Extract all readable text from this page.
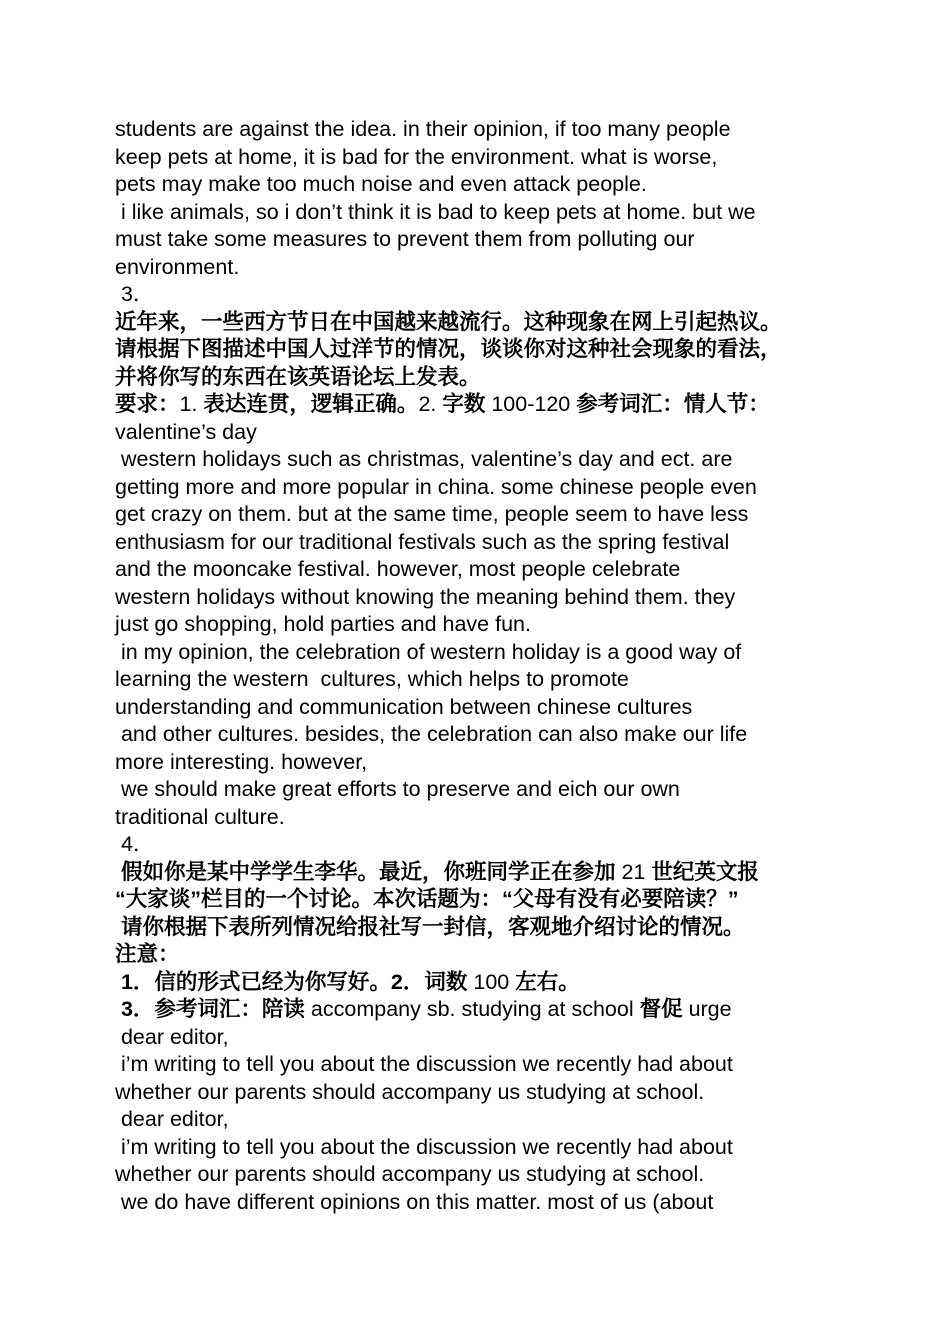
students are against the idea. in their opinion, if too many people
keep pets at home, it is bad for the environment. what is worse,
pets may make too much noise and even attack people.
i like animals, so i don’t think it is bad to keep pets at home. but we
must take some measures to prevent them from polluting our
environment.
3．
近年来，一些西方节日在中国越来越流行。这种现象在网上引起热议。
请根据下图描述中国人过洋节的情况，谈谈你对这种社会现象的看法，
并将你写的东西在该英语论坛上发表。
要求：1. 表达连贯，逻辑正确。2. 字数 100-120 参考词汇：情人节：
valentine’s day
western holidays such as christmas, valentine’s day and ect. are
getting more and more popular in china. some chinese people even
get crazy on them. but at the same time, people seem to have less
enthusiasm for our traditional festivals such as the spring festival
and the mooncake festival. however, most people celebrate
western holidays without knowing the meaning behind them. they
just go shopping, hold parties and have fun.
in my opinion, the celebration of western holiday is a good way of
learning the western  cultures, which helps to promote
understanding and communication between chinese cultures
and other cultures. besides, the celebration can also make our life
more interesting. however,
we should make great efforts to preserve and eich our own
traditional culture.
4．
假如你是某中学学生李华。最近，你班同学正在参加 21 世纪英文报
“大家谈”栏目的一个讨论。本次话题为：“父母有没有必要陪读？”
请你根据下表所列情况给报社写一封信，客观地介绍讨论的情况。
注意：
1．信的形式已经为你写好。2．词数 100 左右。
3．参考词汇：陪读 accompany sb. studying at school 督促 urge
dear editor,
i’m writing to tell you about the discussion we recently had about
whether our parents should accompany us studying at school.
dear editor,
i’m writing to tell you about the discussion we recently had about
whether our parents should accompany us studying at school.
we do have different opinions on this matter. most of us (about
